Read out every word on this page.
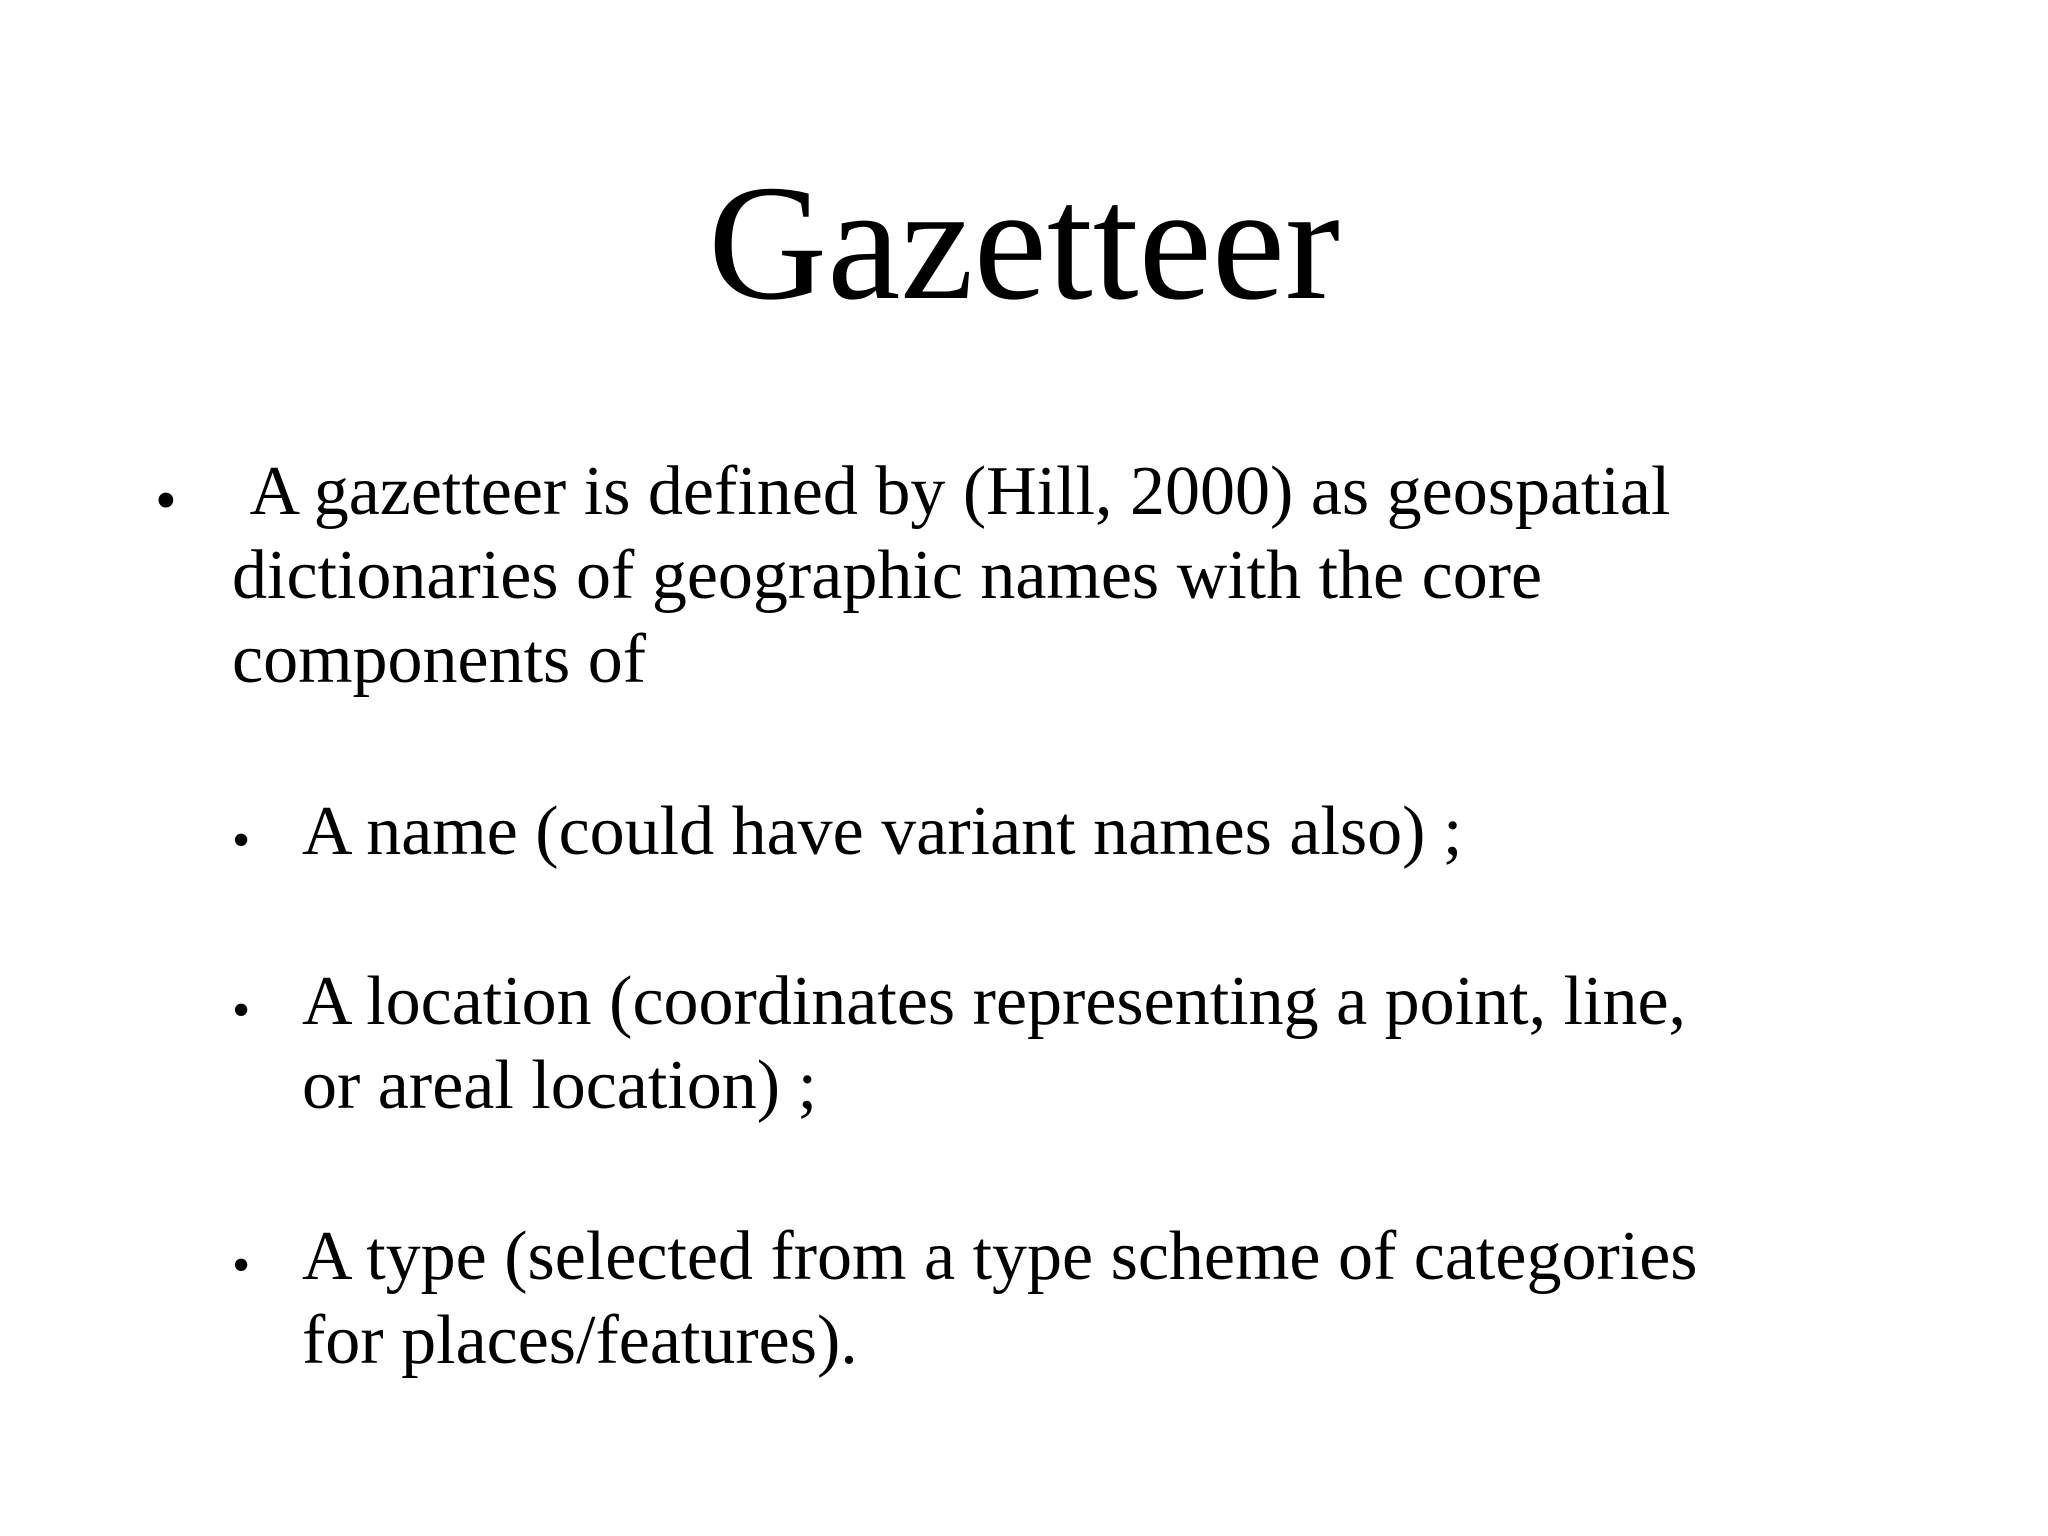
Gazetteer
• A gazetteer is defined by (Hill, 2000) as geospatial
dictionaries of geographic names with the core
components of
• A name (could have variant names also) ;
• A location (coordinates representing a point, line,
or areal location) ;
• A type (selected from a type scheme of categories
for places/features).
